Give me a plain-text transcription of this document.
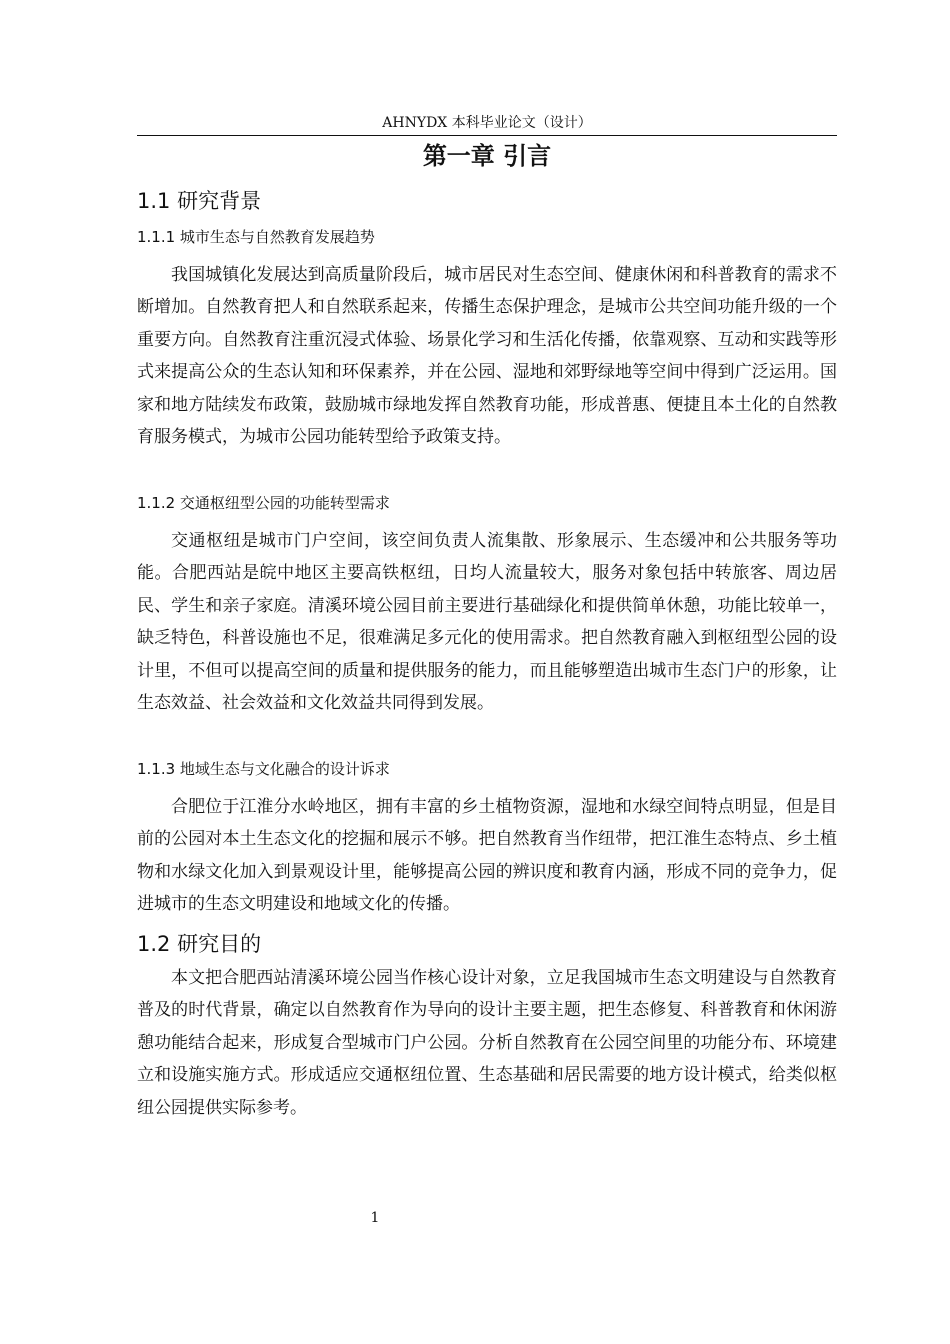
AHNYDX 本科毕业论文（设计）
第一章 引言
1.1 研究背景
1.1.1 城市生态与自然教育发展趋势

我国城镇化发展达到高质量阶段后，城市居民对生态空间、健康休闲和科普教育的需求不断增加。自然教育把人和自然联系起来，传播生态保护理念，是城市公共空间功能升级的一个重要方向。自然教育注重沉浸式体验、场景化学习和生活化传播，依靠观察、互动和实践等形式来提高公众的生态认知和环保素养，并在公园、湿地和郊野绿地等空间中得到广泛运用。国家和地方陆续发布政策，鼓励城市绿地发挥自然教育功能，形成普惠、便捷且本土化的自然教育服务模式，为城市公园功能转型给予政策支持。

1.1.2 交通枢纽型公园的功能转型需求

交通枢纽是城市门户空间，该空间负责人流集散、形象展示、生态缓冲和公共服务等功能。合肥西站是皖中地区主要高铁枢纽，日均人流量较大，服务对象包括中转旅客、周边居民、学生和亲子家庭。清溪环境公园目前主要进行基础绿化和提供简单休憩，功能比较单一，缺乏特色，科普设施也不足，很难满足多元化的使用需求。把自然教育融入到枢纽型公园的设计里，不但可以提高空间的质量和提供服务的能力，而且能够塑造出城市生态门户的形象，让生态效益、社会效益和文化效益共同得到发展。

1.1.3 地域生态与文化融合的设计诉求

合肥位于江淮分水岭地区，拥有丰富的乡土植物资源，湿地和水绿空间特点明显，但是目前的公园对本土生态文化的挖掘和展示不够。把自然教育当作纽带，把江淮生态特点、乡土植物和水绿文化加入到景观设计里，能够提高公园的辨识度和教育内涵，形成不同的竞争力，促进城市的生态文明建设和地域文化的传播。

1.2 研究目的

本文把合肥西站清溪环境公园当作核心设计对象，立足我国城市生态文明建设与自然教育普及的时代背景，确定以自然教育作为导向的设计主要主题，把生态修复、科普教育和休闲游憩功能结合起来，形成复合型城市门户公园。分析自然教育在公园空间里的功能分布、环境建立和设施实施方式。形成适应交通枢纽位置、生态基础和居民需要的地方设计模式，给类似枢纽公园提供实际参考。

1
